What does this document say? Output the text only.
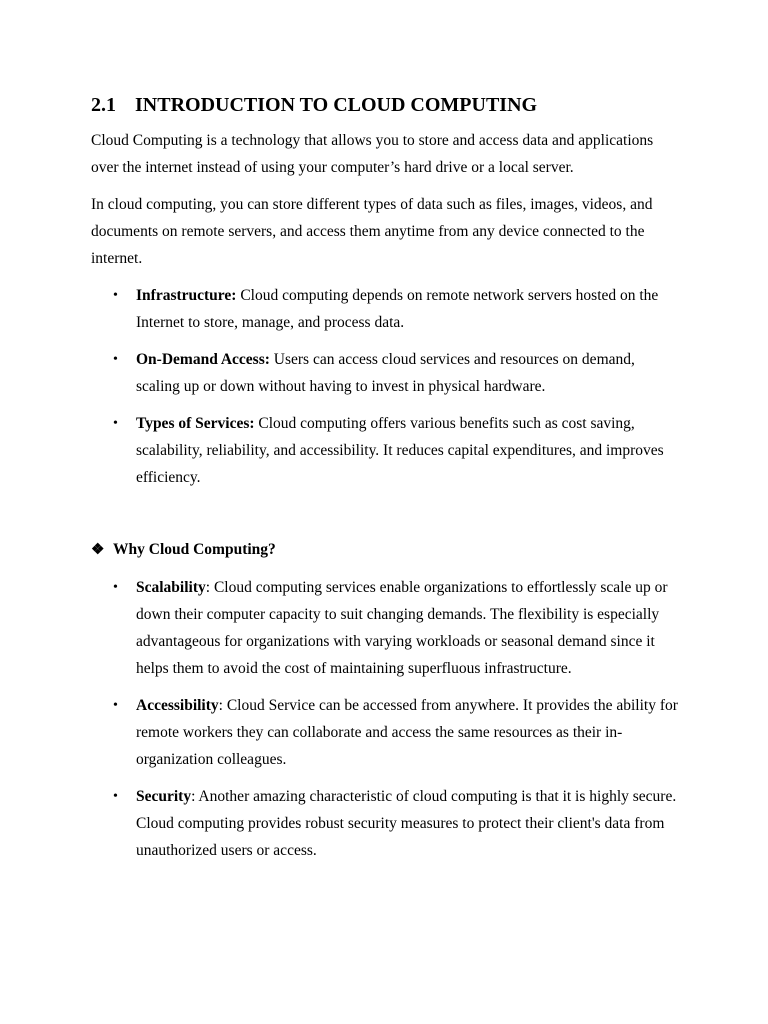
2.1 INTRODUCTION TO CLOUD COMPUTING

Cloud Computing is a technology that allows you to store and access data and applications over the internet instead of using your computer’s hard drive or a local server.

In cloud computing, you can store different types of data such as files, images, videos, and documents on remote servers, and access them anytime from any device connected to the internet.

• Infrastructure: Cloud computing depends on remote network servers hosted on the Internet to store, manage, and process data.
• On-Demand Access: Users can access cloud services and resources on demand, scaling up or down without having to invest in physical hardware.
• Types of Services: Cloud computing offers various benefits such as cost saving, scalability, reliability, and accessibility. It reduces capital expenditures, and improves efficiency.

❖ Why Cloud Computing?

• Scalability: Cloud computing services enable organizations to effortlessly scale up or down their computer capacity to suit changing demands. The flexibility is especially advantageous for organizations with varying workloads or seasonal demand since it helps them to avoid the cost of maintaining superfluous infrastructure.
• Accessibility: Cloud Service can be accessed from anywhere. It provides the ability for remote workers they can collaborate and access the same resources as their in-organization colleagues.
• Security: Another amazing characteristic of cloud computing is that it is highly secure. Cloud computing provides robust security measures to protect their client's data from unauthorized users or access.
